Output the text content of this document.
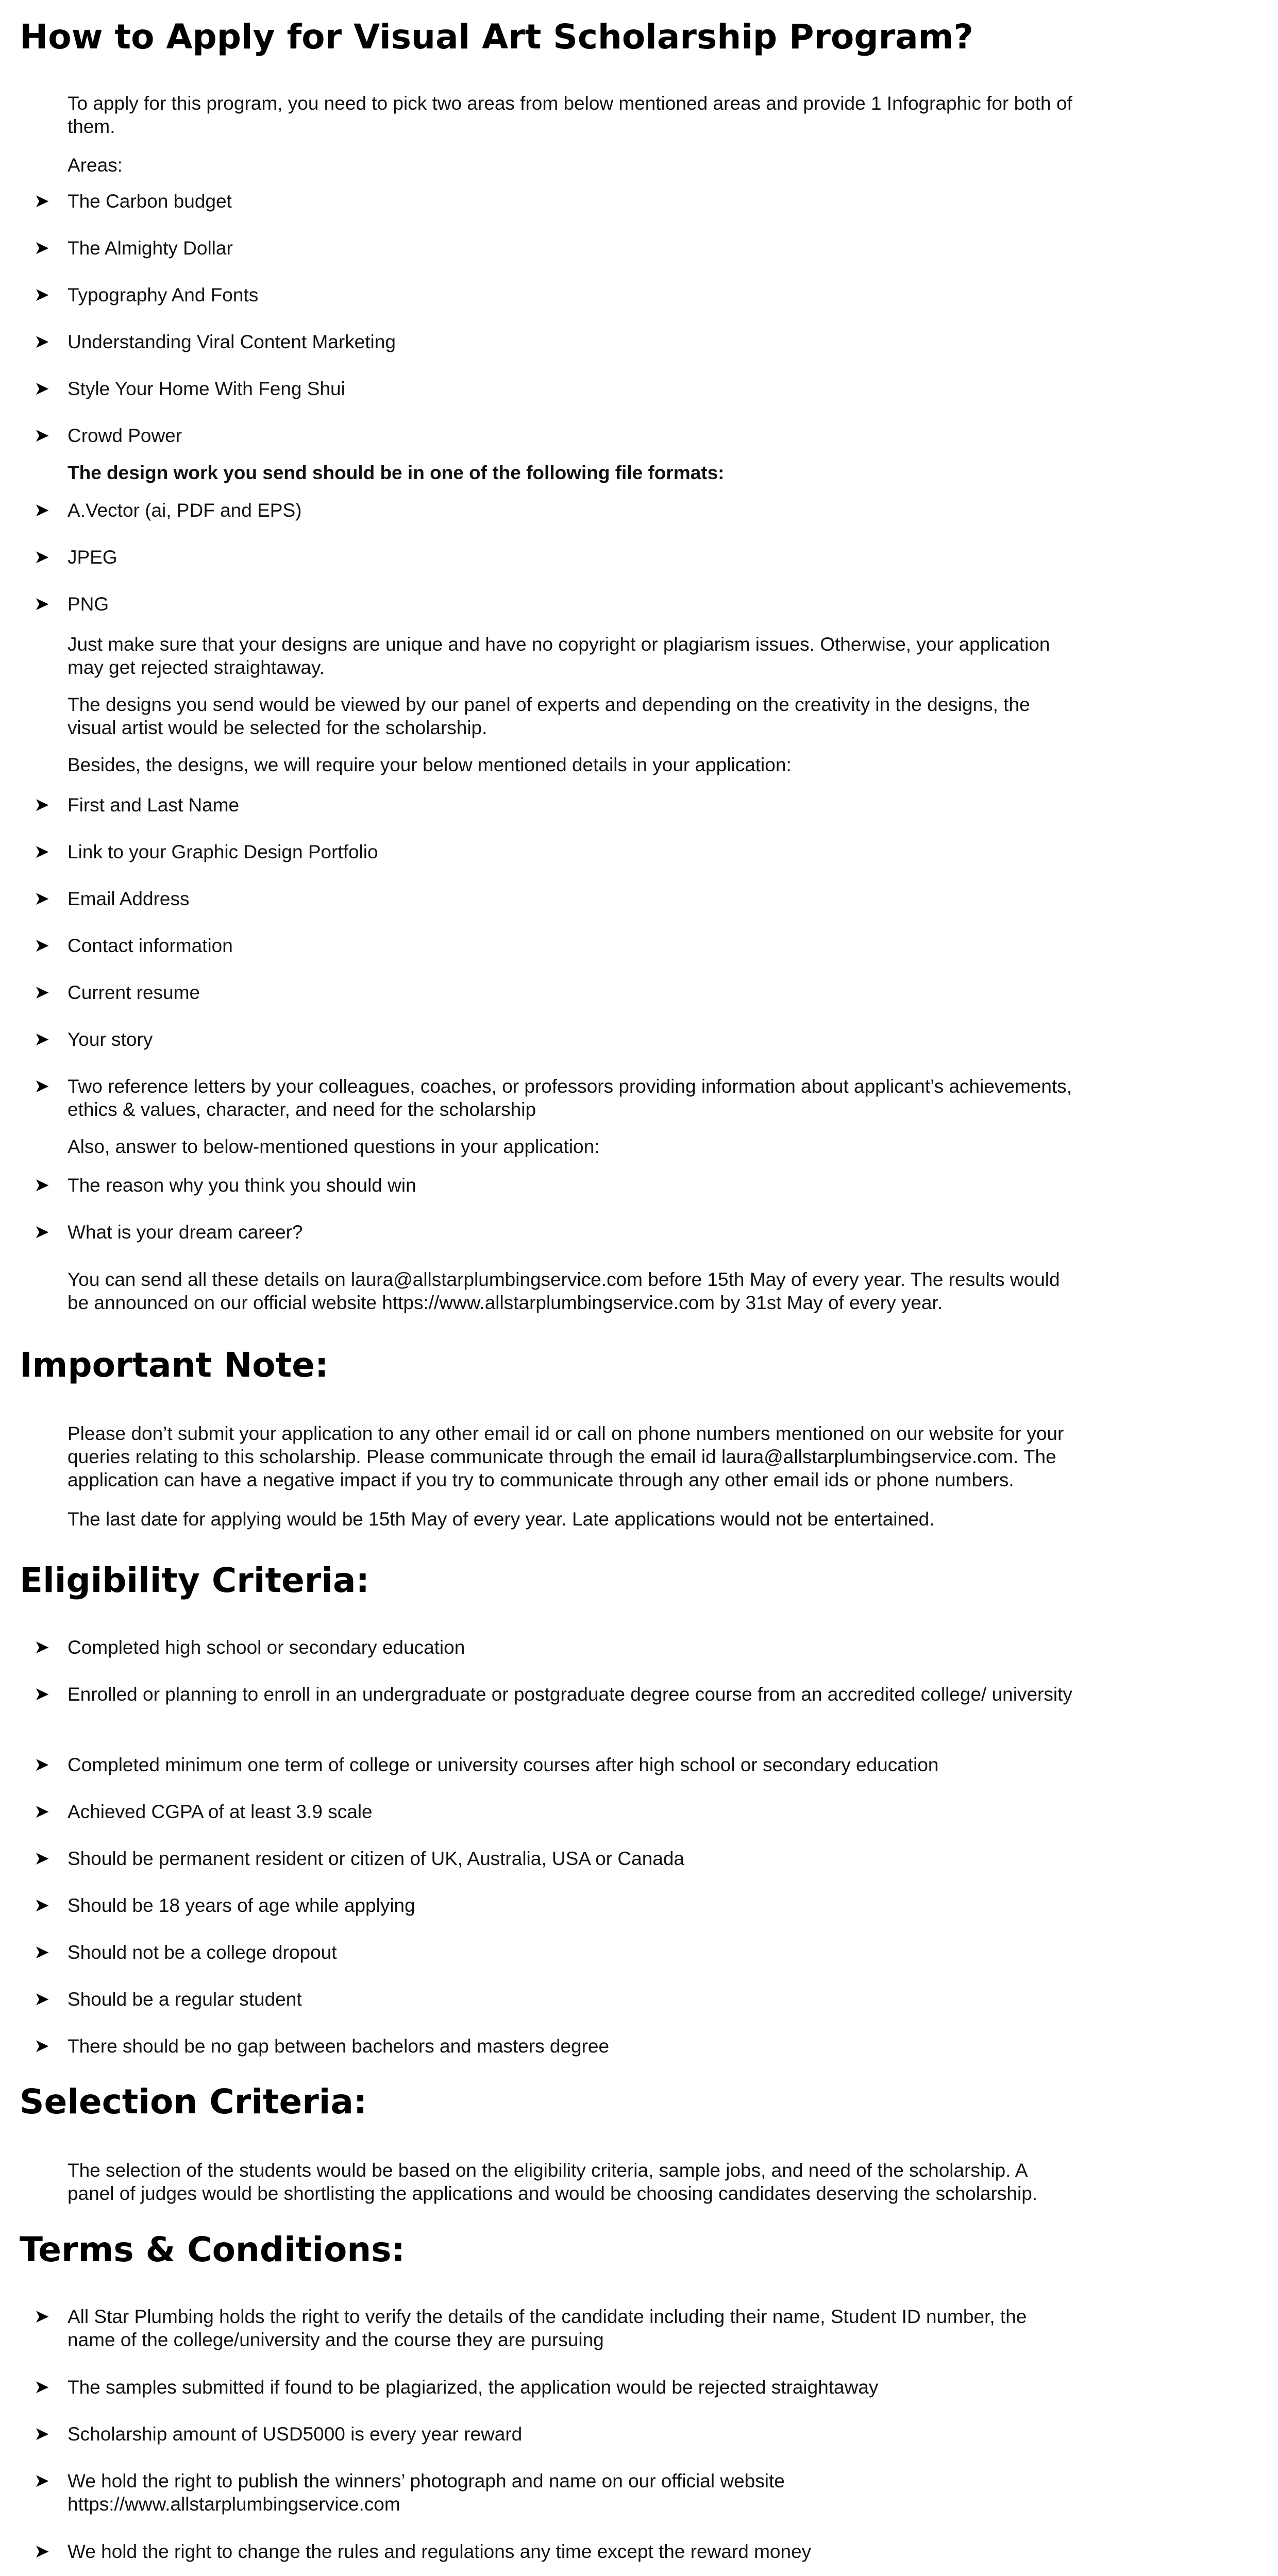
How to Apply for Visual Art Scholarship Program?

To apply for this program, you need to pick two areas from below mentioned areas and provide 1 Infographic for both of them.

Areas:

➤ The Carbon budget
➤ The Almighty Dollar
➤ Typography And Fonts
➤ Understanding Viral Content Marketing
➤ Style Your Home With Feng Shui
➤ Crowd Power

The design work you send should be in one of the following file formats:

➤ A.Vector (ai, PDF and EPS)
➤ JPEG
➤ PNG

Just make sure that your designs are unique and have no copyright or plagiarism issues. Otherwise, your application may get rejected straightaway.

The designs you send would be viewed by our panel of experts and depending on the creativity in the designs, the visual artist would be selected for the scholarship.

Besides, the designs, we will require your below mentioned details in your application:

➤ First and Last Name
➤ Link to your Graphic Design Portfolio
➤ Email Address
➤ Contact information
➤ Current resume
➤ Your story
➤ Two reference letters by your colleagues, coaches, or professors providing information about applicant’s achievements, ethics & values, character, and need for the scholarship

Also, answer to below-mentioned questions in your application:

➤ The reason why you think you should win
➤ What is your dream career?

You can send all these details on laura@allstarplumbingservice.com before 15th May of every year. The results would be announced on our official website https://www.allstarplumbingservice.com by 31st May of every year.

Important Note:

Please don’t submit your application to any other email id or call on phone numbers mentioned on our website for your queries relating to this scholarship. Please communicate through the email id laura@allstarplumbingservice.com. The application can have a negative impact if you try to communicate through any other email ids or phone numbers.

The last date for applying would be 15th May of every year. Late applications would not be entertained.

Eligibility Criteria:
➤ Completed high school or secondary education
➤ Enrolled or planning to enroll in an undergraduate or postgraduate degree course from an accredited college/ university
➤ Completed minimum one term of college or university courses after high school or secondary education
➤ Achieved CGPA of at least 3.9 scale
➤ Should be permanent resident or citizen of UK, Australia, USA or Canada
➤ Should be 18 years of age while applying
➤ Should not be a college dropout
➤ Should be a regular student
➤ There should be no gap between bachelors and masters degree
Selection Criteria:

The selection of the students would be based on the eligibility criteria, sample jobs, and need of the scholarship. A panel of judges would be shortlisting the applications and would be choosing candidates deserving the scholarship.

Terms & Conditions:
➤ All Star Plumbing holds the right to verify the details of the candidate including their name, Student ID number, the name of the college/university and the course they are pursuing
➤ The samples submitted if found to be plagiarized, the application would be rejected straightaway
➤ Scholarship amount of USD5000 is every year reward
➤ We hold the right to publish the winners’ photograph and name on our official website https://www.allstarplumbingservice.com
➤ We hold the right to change the rules and regulations any time except the reward money
